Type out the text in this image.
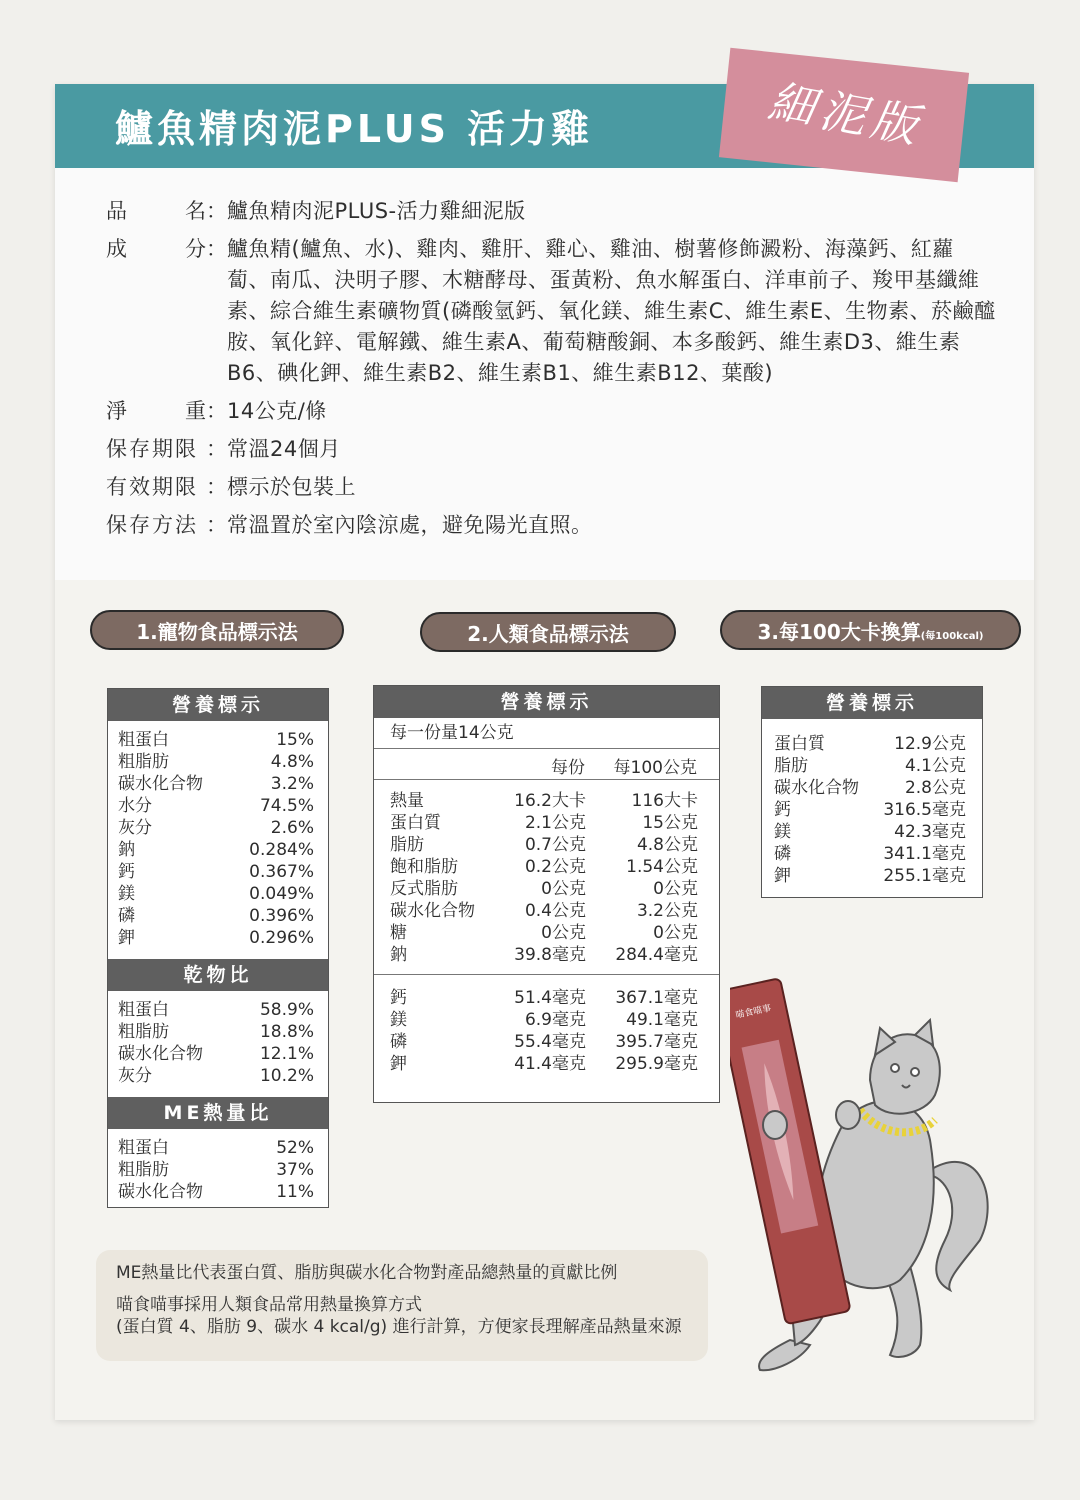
鱸魚精肉泥PLUS 活力雞	細泥版
品	名 ： 鱸魚精肉泥PLUS-活力雞細泥版
成	分 ： 鱸魚精(鱸魚、水)、雞肉、雞肝、雞心、雞油、樹薯修飾澱粉、海藻鈣、紅蘿蔔、南瓜、決明子膠、木糖酵母、蛋黃粉、魚水解蛋白、洋車前子、羧甲基纖維素、綜合維生素礦物質(磷酸氫鈣、氧化鎂、維生素C、維生素E、生物素、菸鹼醯胺、氧化鋅、電解鐵、維生素A、葡萄糖酸銅、本多酸鈣、維生素D3、維生素B6、碘化鉀、維生素B2、維生素B1、維生素B12、葉酸)
淨	重 ： 14公克/條
保存期限 ： 常溫24個月
有效期限 ： 標示於包裝上
保存方法 ： 常溫置於室內陰涼處，避免陽光直照。
1.寵物食品標示法	2.人類食品標示法	3.每100大卡換算(每100kcal)
營養標示
粗蛋白	15%
粗脂肪	4.8%
碳水化合物	3.2%
水分	74.5%
灰分	2.6%
鈉	0.284%
鈣	0.367%
鎂	0.049%
磷	0.396%
鉀	0.296%
乾物比
粗蛋白	58.9%
粗脂肪	18.8%
碳水化合物	12.1%
灰分	10.2%
ME熱量比
粗蛋白	52%
粗脂肪	37%
碳水化合物	11%
營養標示
每一份量14公克
每份 每100公克
熱量	16.2大卡	116大卡
蛋白質	2.1公克	15公克
脂肪	0.7公克	4.8公克
飽和脂肪	0.2公克	1.54公克
反式脂肪	0公克	0公克
碳水化合物	0.4公克	3.2公克
糖	0公克	0公克
鈉	39.8毫克	284.4毫克
鈣	51.4毫克	367.1毫克
鎂	6.9毫克	49.1毫克
磷	55.4毫克	395.7毫克
鉀	41.4毫克	295.9毫克
營養標示
蛋白質	12.9公克
脂肪	4.1公克
碳水化合物	2.8公克
鈣	316.5毫克
鎂	42.3毫克
磷	341.1毫克
鉀	255.1毫克

ME熱量比代表蛋白質、脂肪與碳水化合物對產品總熱量的貢獻比例

喵食喵事採用人類食品常用熱量換算方式

(蛋白質 4、脂肪 9、碳水 4 kcal/g) 進行計算，方便家長理解產品熱量來源

喵食喵事
